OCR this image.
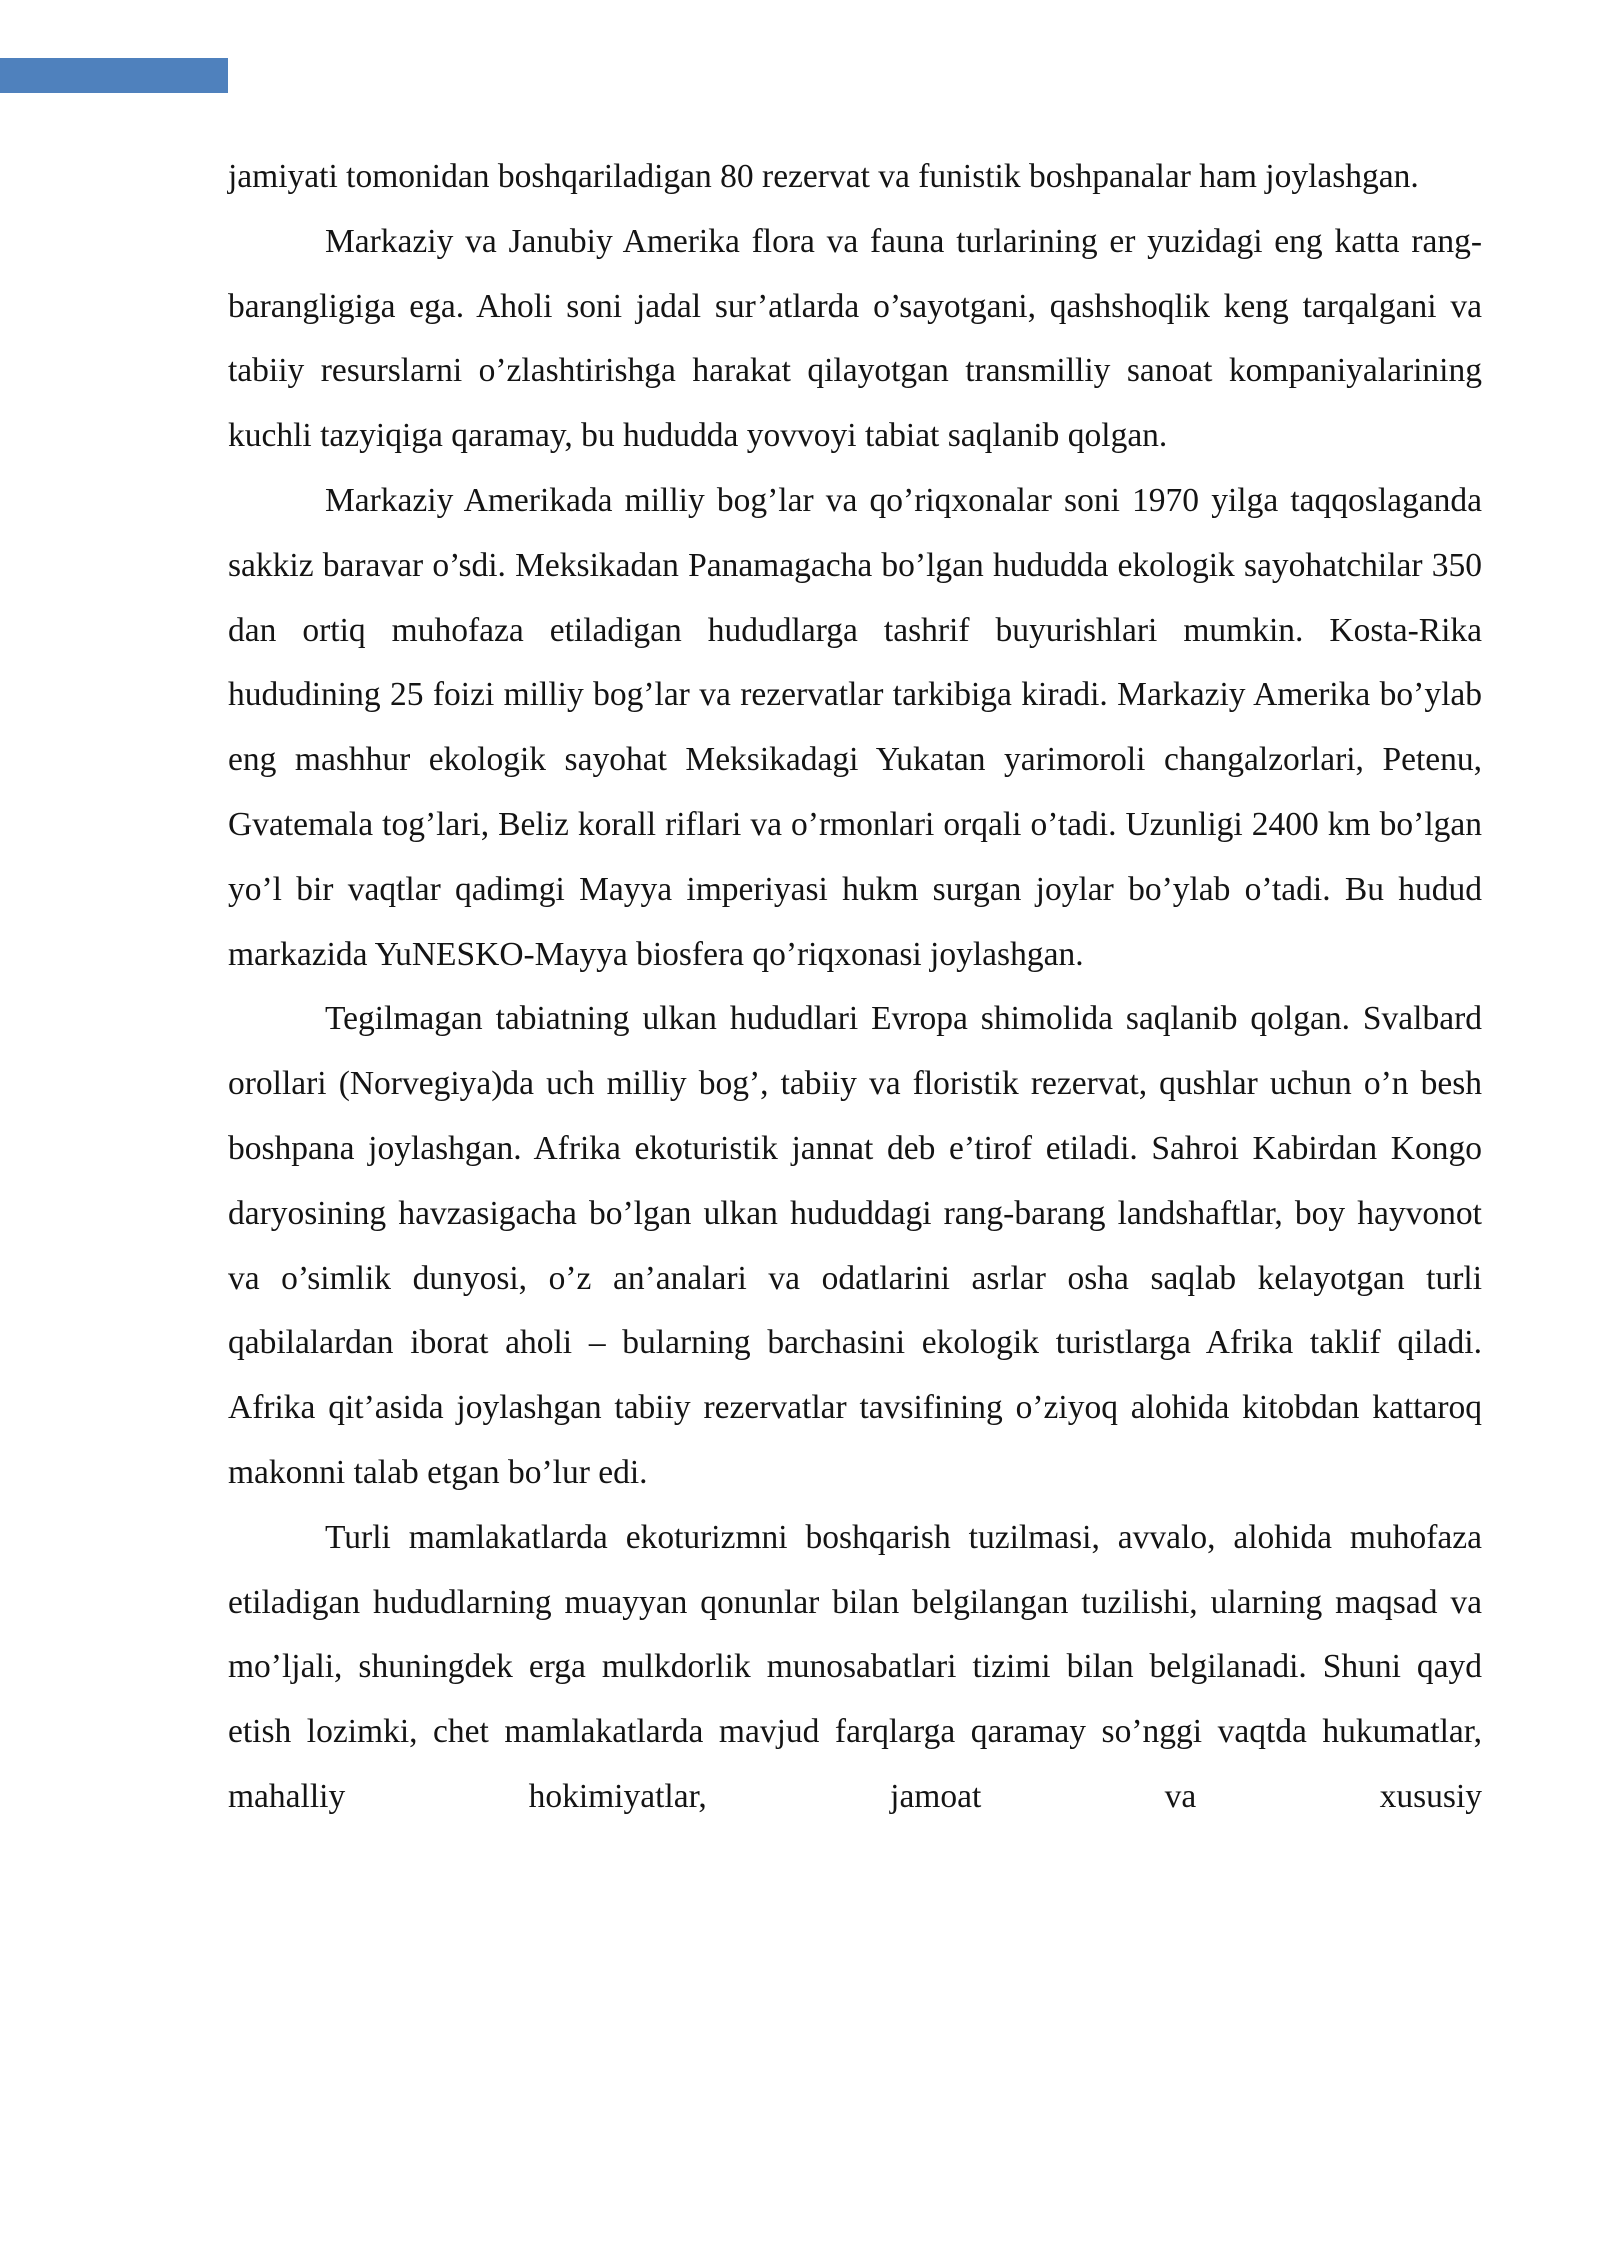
jamiyati tomonidan boshqariladigan 80 rezervat va funistik boshpanalar ham joylashgan.

Markaziy va Janubiy Amerika flora va fauna turlarining er yuzidagi eng katta rang-barangligiga ega. Aholi soni jadal sur’atlarda o’sayotgani, qashshoqlik keng tarqalgani va tabiiy resurslarni o’zlashtirishga harakat qilayotgan transmilliy sanoat kompaniyalarining kuchli tazyiqiga qaramay, bu hududda yovvoyi tabiat saqlanib qolgan.

Markaziy Amerikada milliy bog’lar va qo’riqxonalar soni 1970 yilga taqqoslaganda sakkiz baravar o’sdi. Meksikadan Panamagacha bo’lgan hududda ekologik sayohatchilar 350 dan ortiq muhofaza etiladigan hududlarga tashrif buyurishlari mumkin. Kosta-Rika hududining 25 foizi milliy bog’lar va rezervatlar tarkibiga kiradi. Markaziy Amerika bo’ylab eng mashhur ekologik sayohat Meksikadagi Yukatan yarimoroli changalzorlari, Petenu, Gvatemala tog’lari, Beliz korall riflari va o’rmonlari orqali o’tadi. Uzunligi 2400 km bo’lgan yo’l bir vaqtlar qadimgi Mayya imperiyasi hukm surgan joylar bo’ylab o’tadi. Bu hudud markazida YuNESKO-Mayya biosfera qo’riqxonasi joylashgan.

Tegilmagan tabiatning ulkan hududlari Evropa shimolida saqlanib qolgan. Svalbard orollari (Norvegiya)da uch milliy bog’, tabiiy va floristik rezervat, qushlar uchun o’n besh boshpana joylashgan. Afrika ekoturistik jannat deb e’tirof etiladi. Sahroi Kabirdan Kongo daryosining havzasigacha bo’lgan ulkan hududdagi rang-barang landshaftlar, boy hayvonot va o’simlik dunyosi, o’z an’analari va odatlarini asrlar osha saqlab kelayotgan turli qabilalardan iborat aholi – bularning barchasini ekologik turistlarga Afrika taklif qiladi. Afrika qit’asida joylashgan tabiiy rezervatlar tavsifining o’ziyoq alohida kitobdan kattaroq makonni talab etgan bo’lur edi.

Turli mamlakatlarda ekoturizmni boshqarish tuzilmasi, avvalo, alohida muhofaza etiladigan hududlarning muayyan qonunlar bilan belgilangan tuzilishi, ularning maqsad va mo’ljali, shuningdek erga mulkdorlik munosabatlari tizimi bilan belgilanadi. Shuni qayd etish lozimki, chet mamlakatlarda mavjud farqlarga qaramay so’nggi vaqtda hukumatlar, mahalliy hokimiyatlar, jamoat va xususiy
